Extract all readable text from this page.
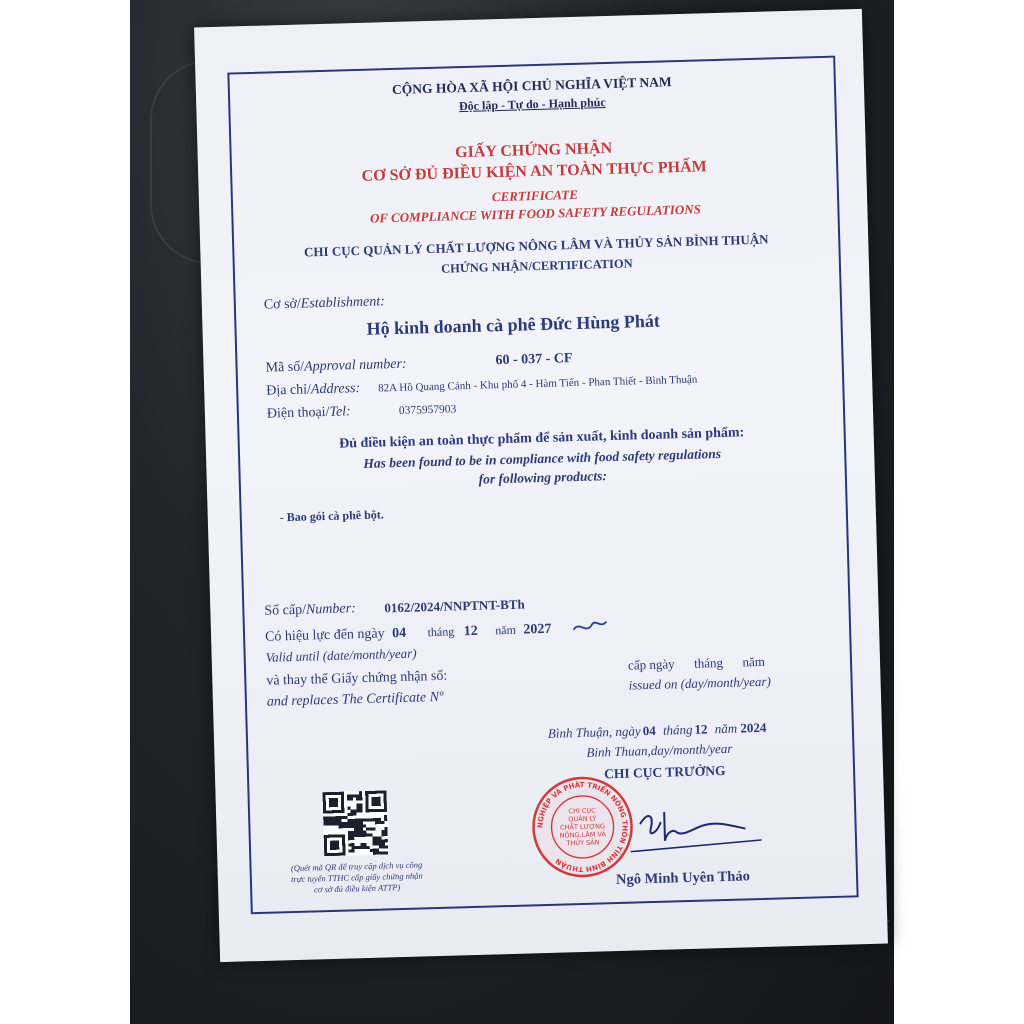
CỘNG HÒA XÃ HỘI CHỦ NGHĨA VIỆT NAM
Độc lập - Tự do - Hạnh phúc
GIẤY CHỨNG NHẬN
CƠ SỞ ĐỦ ĐIỀU KIỆN AN TOÀN THỰC PHẨM
CERTIFICATE
OF COMPLIANCE WITH FOOD SAFETY REGULATIONS
CHI CỤC QUẢN LÝ CHẤT LƯỢNG NÔNG LÂM VÀ THỦY SẢN BÌNH THUẬN
CHỨNG NHẬN/CERTIFICATION
Cơ sở/Establishment:
Hộ kinh doanh cà phê Đức Hùng Phát
Mã số/Approval number:	60 - 037 - CF
Địa chỉ/Address: 82A Hồ Quang Cảnh - Khu phố 4 - Hàm Tiến - Phan Thiết - Bình Thuận
Điện thoại/Tel:	0375957903
Đủ điều kiện an toàn thực phẩm để sản xuất, kinh doanh sản phẩm:
Has been found to be in compliance with food safety regulations
for following products:
- Bao gói cà phê bột.
Số cấp/Number: 0162/2024/NNPTNT-BTh
Có hiệu lực đến ngày 04 tháng 12 năm 2027
Valid until (date/month/year)
và thay thế Giấy chứng nhận số:
and replaces The Certificate Nº
cấp ngày      tháng      năm
issued on (day/month/year)
Bình Thuận, ngày 04 tháng 12 năm 2024
Binh Thuan,day/month/year
CHI CỤC TRƯỞNG
NGHIỆP VÀ PHÁT TRIỂN NÔNG THÔN TỈNH BÌNH THUẬN
CHI CỤC
QUẢN LÝ
CHẤT LƯỢNG
NÔNG,LÂM VÀ
THỦY SẢN
Ngô Minh Uyên Thảo
(Quét mã QR để truy cập dịch vụ công
trực tuyến TTHC cấp giấy chứng nhận
cơ sở đủ điều kiện ATTP)
